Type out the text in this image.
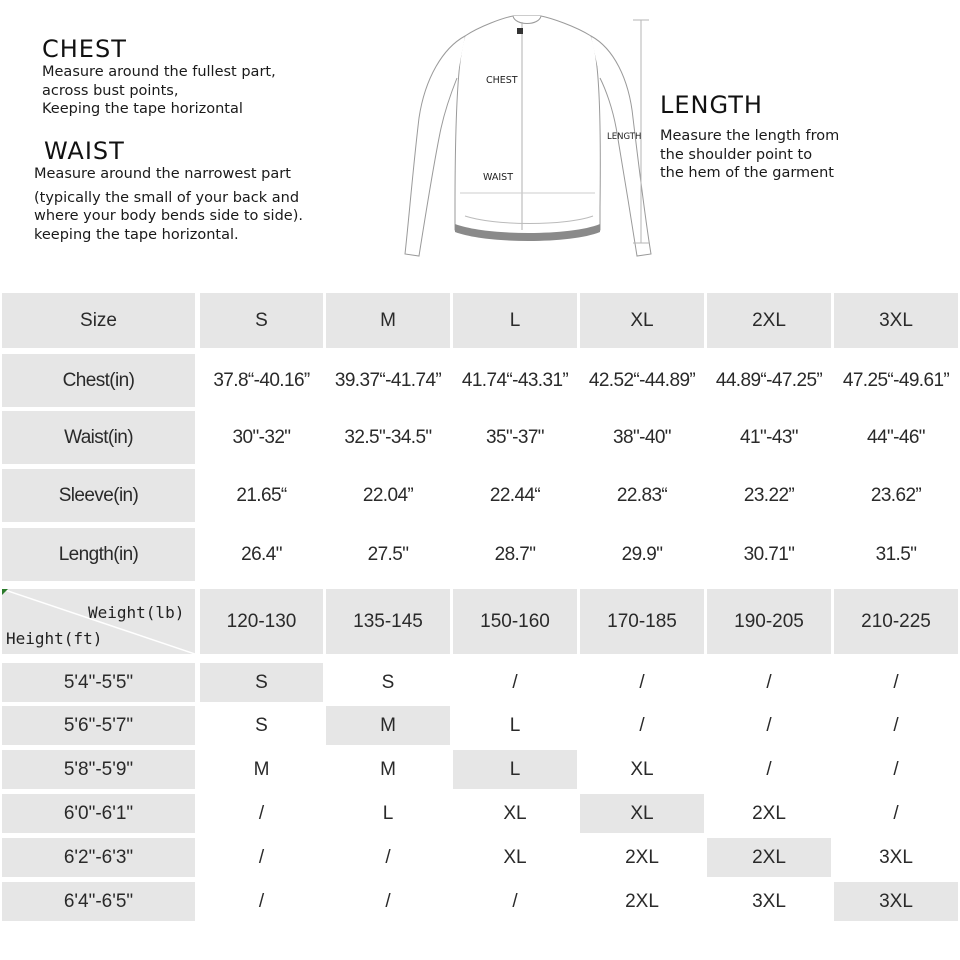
CHEST
Measure around the fullest part,
across bust points,
Keeping the tape horizontal
WAIST
Measure around the narrowest part
(typically the small of your back and
where your body bends side to side).
keeping the tape horizontal.
LENGTH
Measure the length from
the shoulder point to
the hem of the garment
CHEST
WAIST
LENGTH
Size	S	M	L	XL	2XL	3XL
Chest(in)	37.8“-40.16”	39.37“-41.74”	41.74“-43.31”	42.52“-44.89”	44.89“-47.25”	47.25“-49.61”
Waist(in)	30"-32"	32.5"-34.5"	35"-37"	38"-40"	41"-43"	44"-46"
Sleeve(in)	21.65“	22.04”	22.44“	22.83“	23.22”	23.62”
Length(in)	26.4"	27.5"	28.7"	29.9"	30.71"	31.5"
Weight(lb)
Height(ft)
120-130	135-145	150-160	170-185	190-205	210-225
5'4"-5'5"	S	S	/	/	/	/
5'6"-5'7"	S	M	L	/	/	/
5'8"-5'9"	M	M	L	XL	/	/
6'0"-6'1"	/	L	XL	XL	2XL	/
6'2"-6'3"	/	/	XL	2XL	2XL	3XL
6'4"-6'5"	/	/	/	2XL	3XL	3XL
